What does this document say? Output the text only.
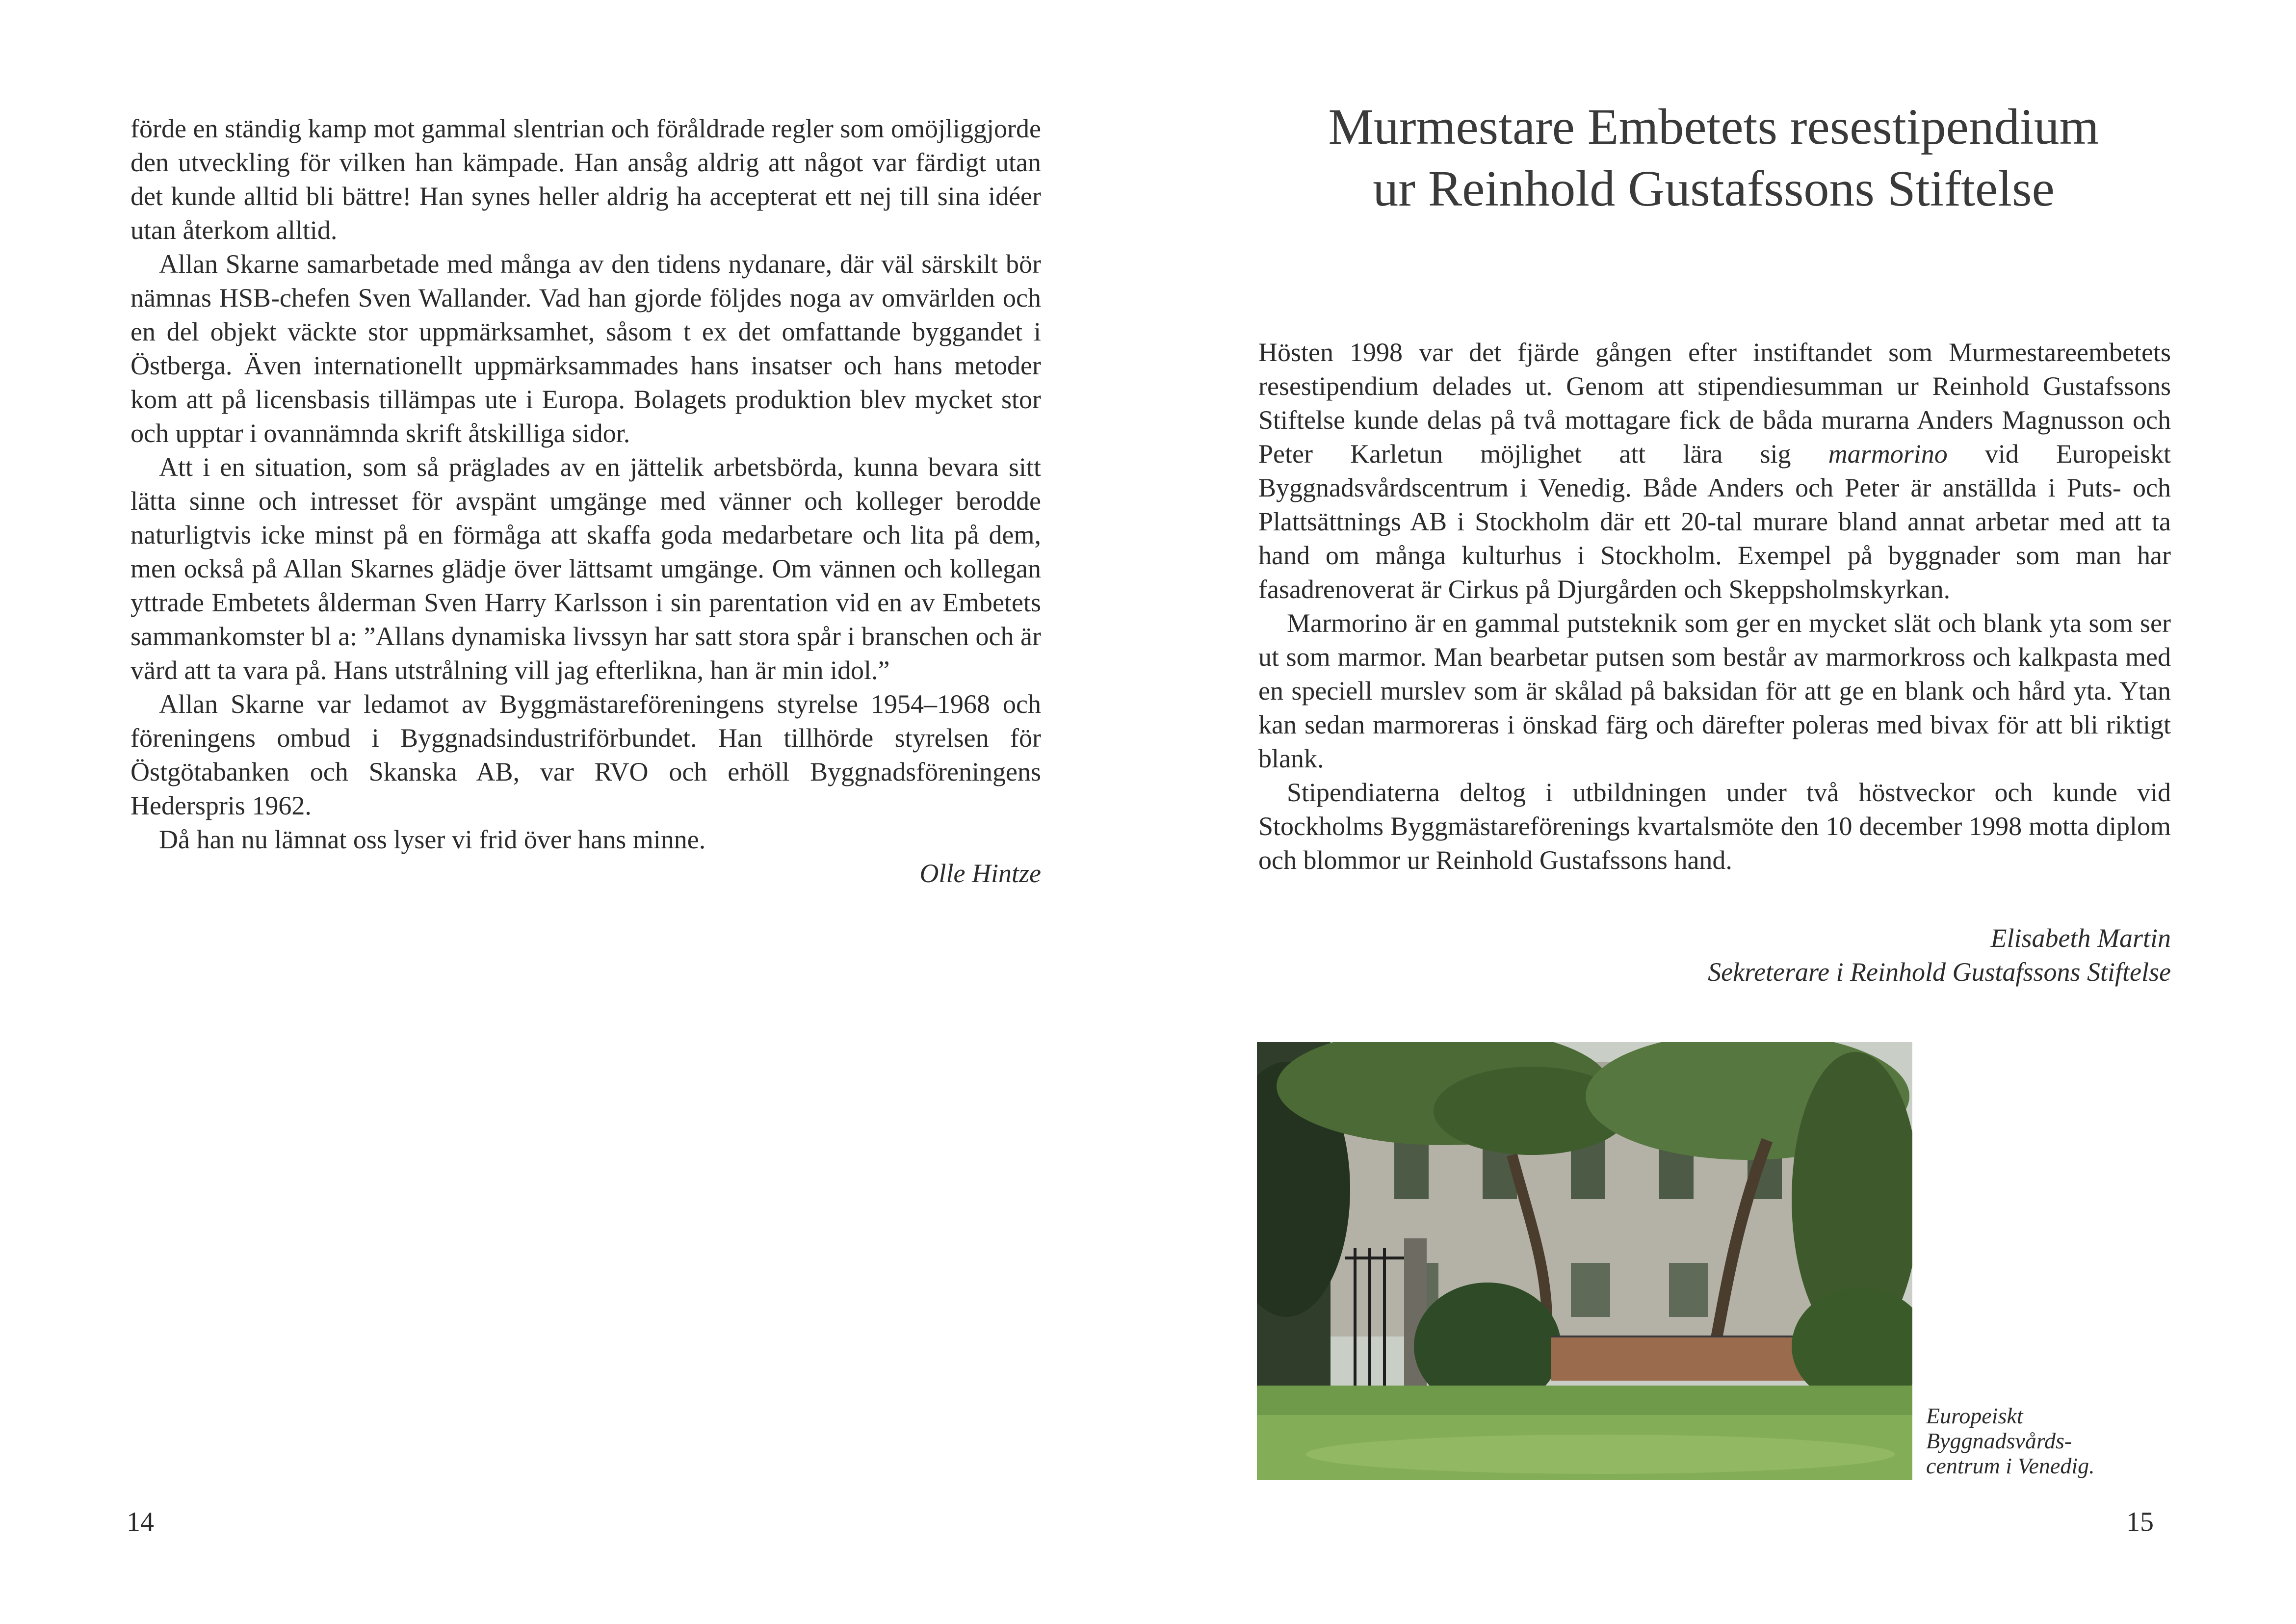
förde en ständig kamp mot gammal slentrian och föråldrade regler som omöjliggjorde den utveckling för vilken han kämpade. Han ansåg aldrig att något var färdigt utan det kunde alltid bli bättre! Han synes heller aldrig ha accepterat ett nej till sina idéer utan återkom alltid.

Allan Skarne samarbetade med många av den tidens nydanare, där väl särskilt bör nämnas HSB-chefen Sven Wallander. Vad han gjorde följdes noga av omvärlden och en del objekt väckte stor uppmärksamhet, såsom t ex det omfattande byggandet i Östberga. Även internationellt uppmärksammades hans insatser och hans metoder kom att på licensbasis tillämpas ute i Europa. Bolagets produktion blev mycket stor och upptar i ovannämnda skrift åtskilliga sidor.

Att i en situation, som så präglades av en jättelik arbetsbörda, kunna bevara sitt lätta sinne och intresset för avspänt umgänge med vänner och kolleger berodde naturligtvis icke minst på en förmåga att skaffa goda medarbetare och lita på dem, men också på Allan Skarnes glädje över lättsamt umgänge. Om vännen och kollegan yttrade Embetets ålderman Sven Harry Karlsson i sin parentation vid en av Embetets sammankomster bl a: ”Allans dynamiska livssyn har satt stora spår i branschen och är värd att ta vara på. Hans utstrålning vill jag efterlikna, han är min idol.”

Allan Skarne var ledamot av Byggmästareföreningens styrelse 1954–1968 och föreningens ombud i Byggnadsindustriförbundet. Han tillhörde styrelsen för Östgötabanken och Skanska AB, var RVO och erhöll Byggnadsföreningens Hederspris 1962.

Då han nu lämnat oss lyser vi frid över hans minne.

Olle Hintze

14
Murmestare Embetets resestipendium
ur Reinhold Gustafssons Stiftelse

Hösten 1998 var det fjärde gången efter instiftandet som Murmestareembetets resestipendium delades ut. Genom att stipendiesumman ur Reinhold Gustafssons Stiftelse kunde delas på två mottagare fick de båda murarna Anders Magnusson och Peter Karletun möjlighet att lära sig marmorino vid Europeiskt Byggnadsvårdscentrum i Venedig. Både Anders och Peter är anställda i Puts- och Plattsättnings AB i Stockholm där ett 20-tal murare bland annat arbetar med att ta hand om många kulturhus i Stockholm. Exempel på byggnader som man har fasadrenoverat är Cirkus på Djurgården och Skeppsholmskyrkan.

Marmorino är en gammal putsteknik som ger en mycket slät och blank yta som ser ut som marmor. Man bearbetar putsen som består av marmorkross och kalkpasta med en speciell murslev som är skålad på baksidan för att ge en blank och hård yta. Ytan kan sedan marmoreras i önskad färg och därefter poleras med bivax för att bli riktigt blank.

Stipendiaterna deltog i utbildningen under två höstveckor och kunde vid Stockholms Byggmästareförenings kvartalsmöte den 10 december 1998 motta diplom och blommor ur Reinhold Gustafssons hand.

Elisabeth Martin
Sekreterare i Reinhold Gustafssons Stiftelse
Europeiskt
Byggnadsvårds-
centrum i Venedig.
15
